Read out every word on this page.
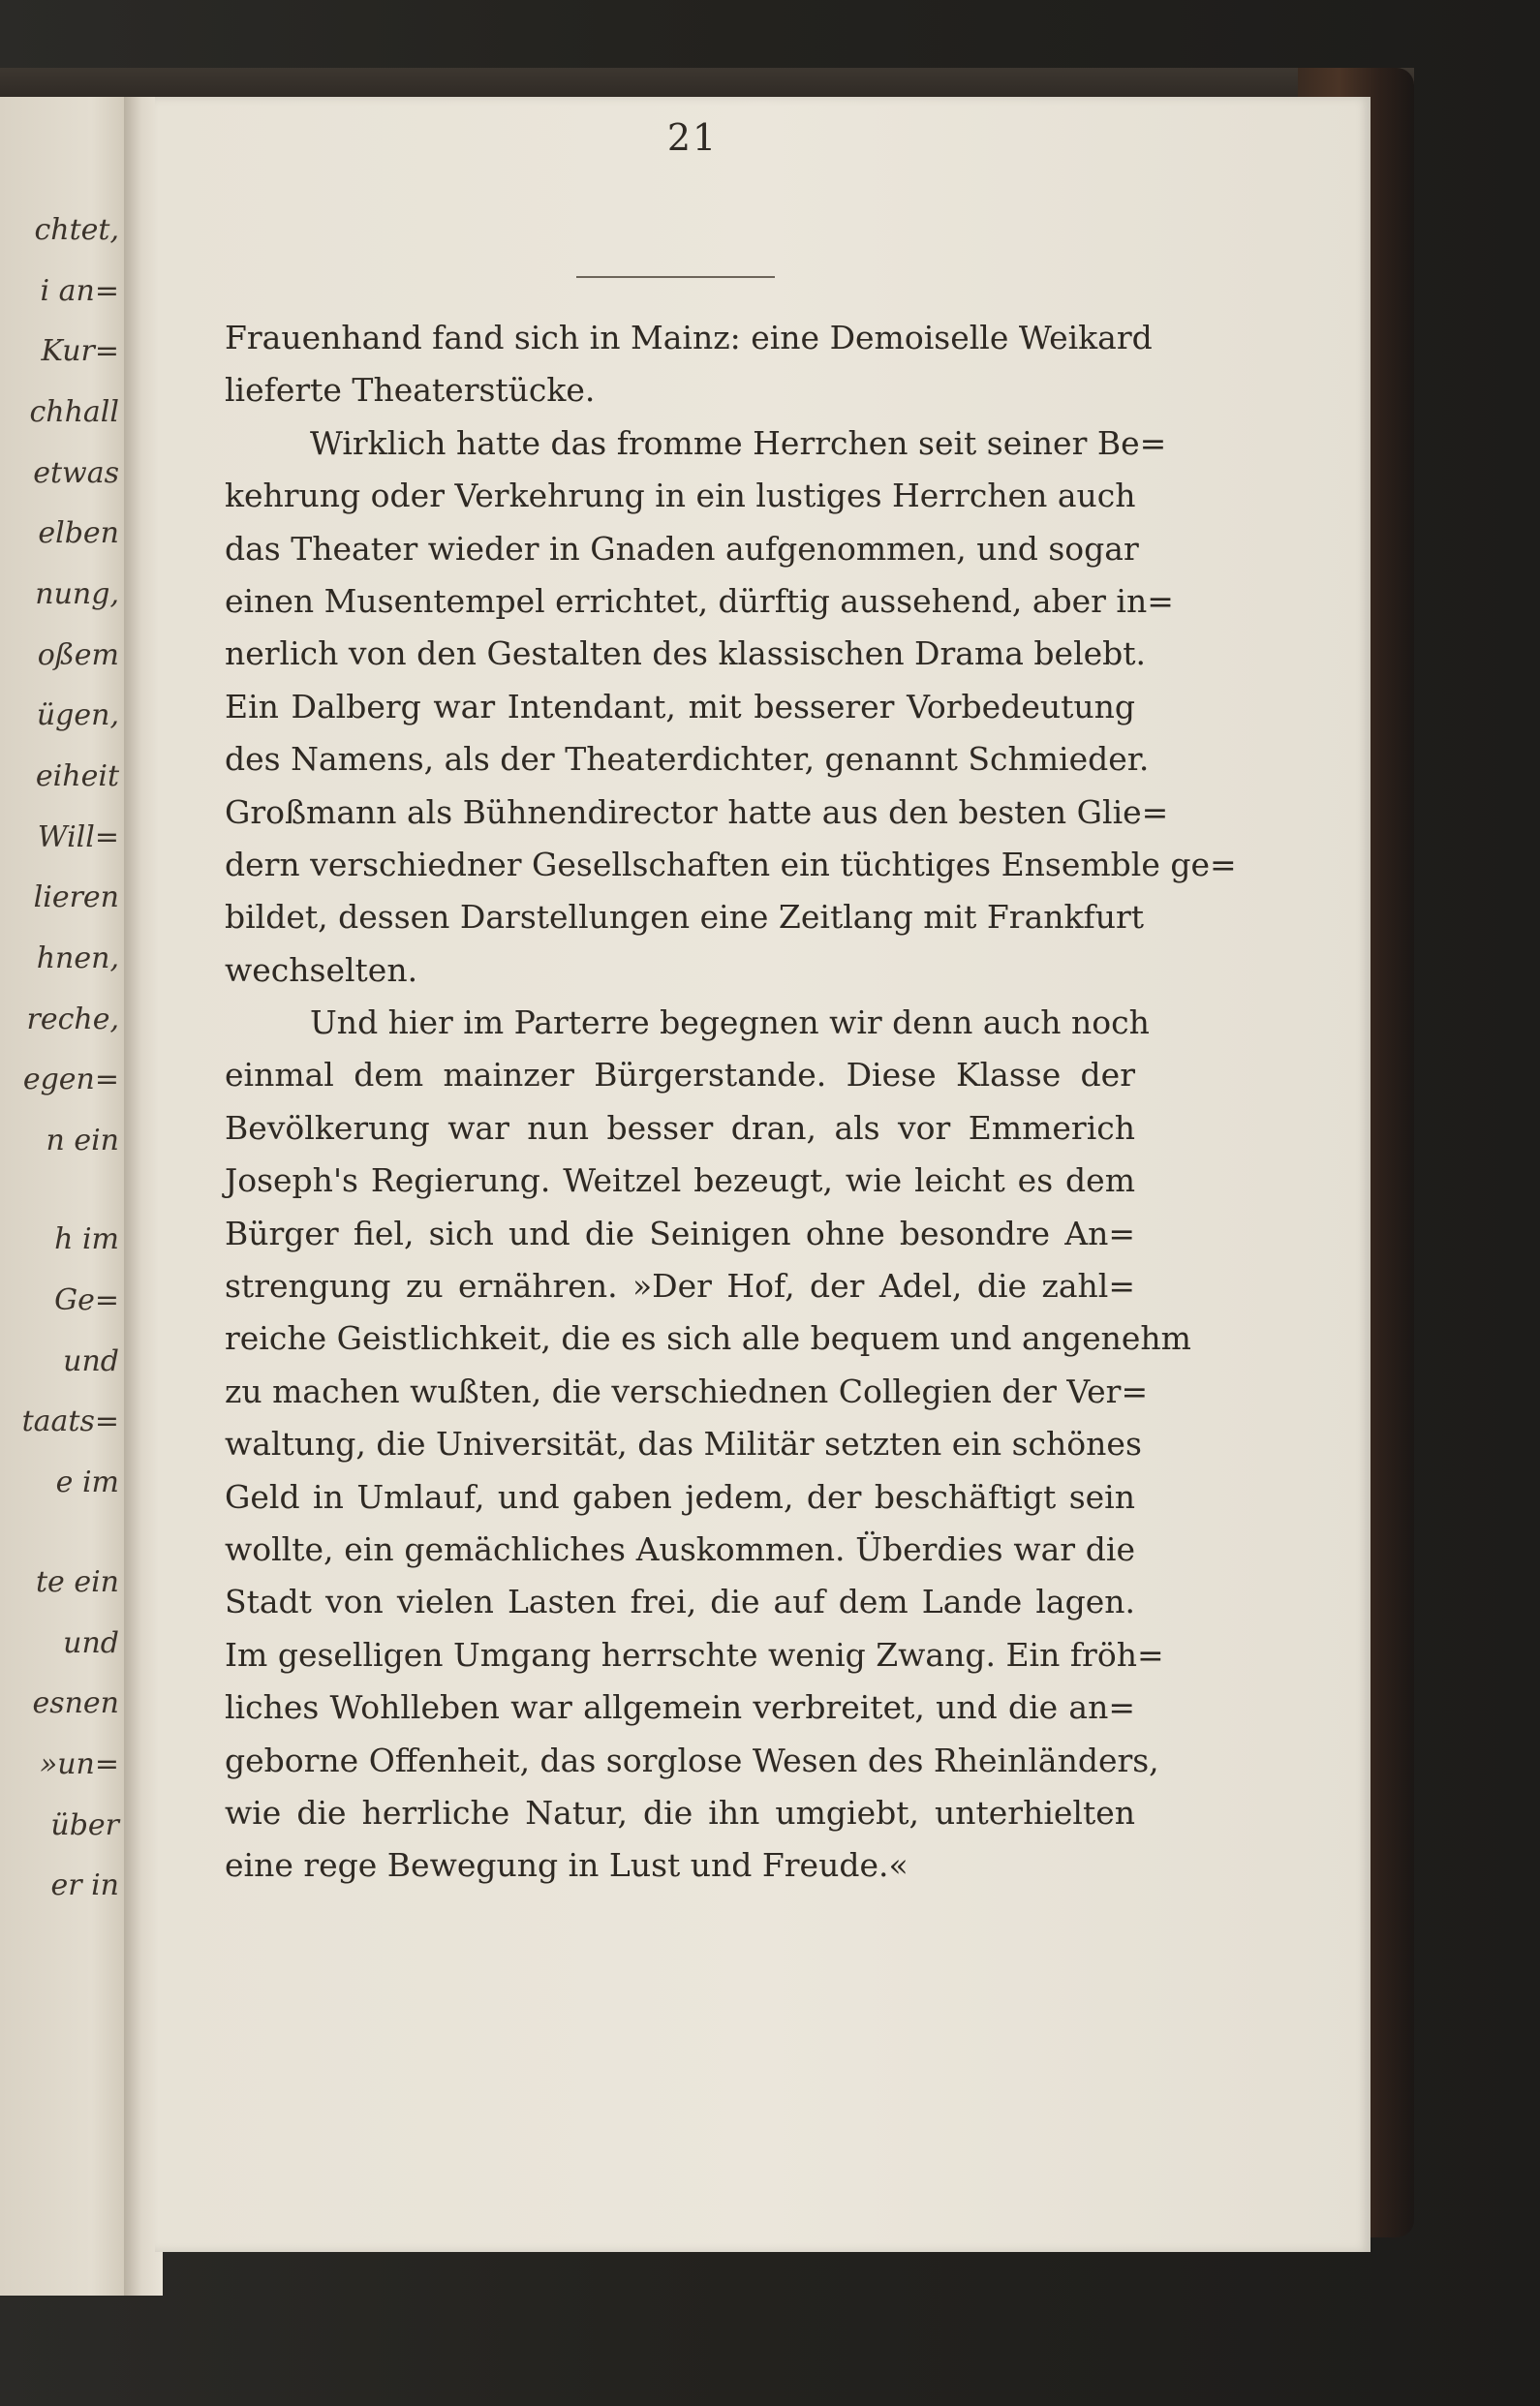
chtet,
i an=
Kur=
chhall
etwas
elben
nung,
oßem
ügen,
eiheit
Will=
lieren
hnen,
reche,
egen=
n ein
h im
Ge=
und
taats=
e im
te ein
und
esnen
»un=
über
er in
21
Frauenhand fand sich in Mainz: eine Demoiselle Weikard
lieferte Theaterstücke.
Wirklich hatte das fromme Herrchen seit seiner Be=
kehrung oder Verkehrung in ein lustiges Herrchen auch
das Theater wieder in Gnaden aufgenommen, und sogar
einen Musentempel errichtet, dürftig aussehend, aber in=
nerlich von den Gestalten des klassischen Drama belebt.
Ein Dalberg war Intendant, mit besserer Vorbedeutung
des Namens, als der Theaterdichter, genannt Schmieder.
Großmann als Bühnendirector hatte aus den besten Glie=
dern verschiedner Gesellschaften ein tüchtiges Ensemble ge=
bildet, dessen Darstellungen eine Zeitlang mit Frankfurt
wechselten.
Und hier im Parterre begegnen wir denn auch noch
einmal dem mainzer Bürgerstande. Diese Klasse der
Bevölkerung war nun besser dran, als vor Emmerich
Joseph's Regierung. Weitzel bezeugt, wie leicht es dem
Bürger fiel, sich und die Seinigen ohne besondre An=
strengung zu ernähren. »Der Hof, der Adel, die zahl=
reiche Geistlichkeit, die es sich alle bequem und angenehm
zu machen wußten, die verschiednen Collegien der Ver=
waltung, die Universität, das Militär setzten ein schönes
Geld in Umlauf, und gaben jedem, der beschäftigt sein
wollte, ein gemächliches Auskommen. Überdies war die
Stadt von vielen Lasten frei, die auf dem Lande lagen.
Im geselligen Umgang herrschte wenig Zwang. Ein fröh=
liches Wohlleben war allgemein verbreitet, und die an=
geborne Offenheit, das sorglose Wesen des Rheinländers,
wie die herrliche Natur, die ihn umgiebt, unterhielten
eine rege Bewegung in Lust und Freude.«
